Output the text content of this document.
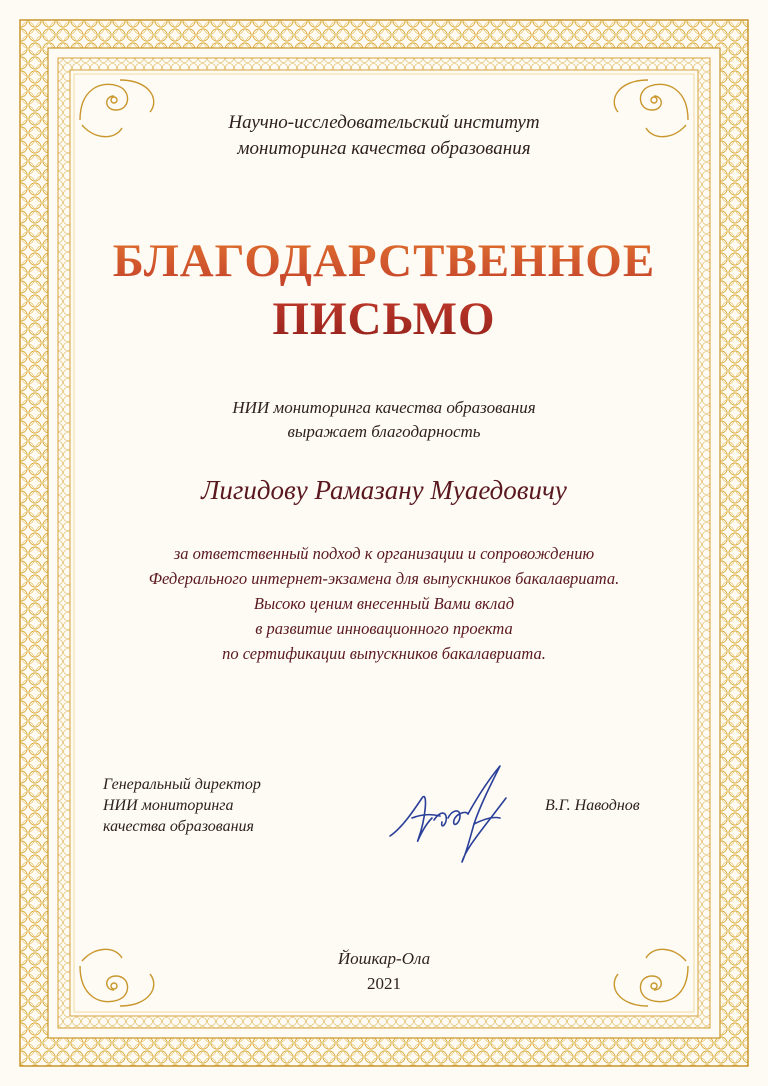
Научно-исследовательский институт
мониторинга качества образования
БЛАГОДАРСТВЕННОЕ
ПИСЬМО
НИИ мониторинга качества образования
выражает благодарность
Лигидову Рамазану Муаедовичу
за ответственный подход к организации и сопровождению
Федерального интернет-экзамена для выпускников бакалавриата.
Высоко ценим внесенный Вами вклад
в развитие инновационного проекта
по сертификации выпускников бакалавриата.
Генеральный директор
НИИ мониторинга
качества образования
В.Г. Наводнов
Йошкар-Ола
2021
